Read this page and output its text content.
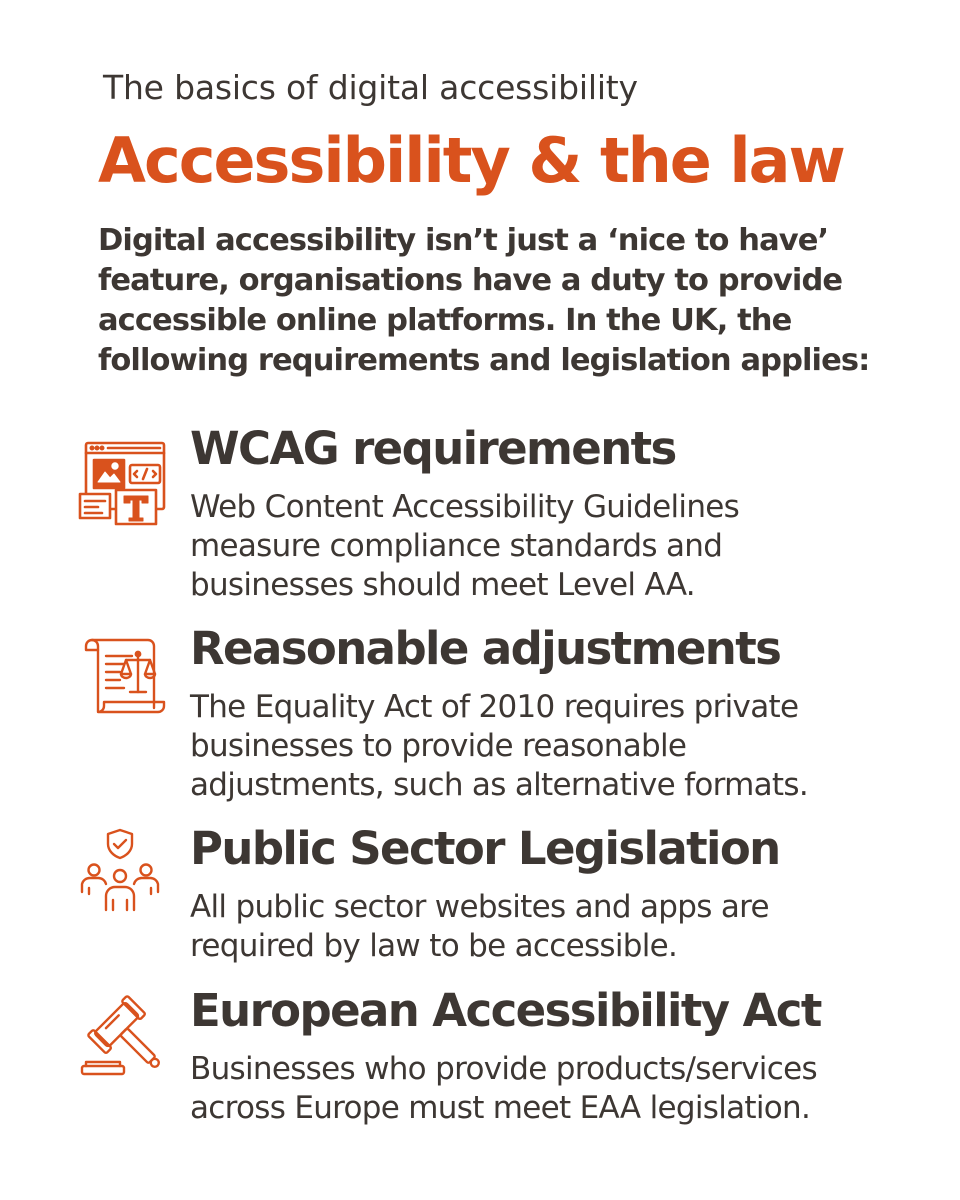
The basics of digital accessibility
Accessibility & the law
Digital accessibility isn’t just a ‘nice to have’
feature, organisations have a duty to provide
accessible online platforms. In the UK, the
following requirements and legislation applies:
WCAG requirements
Web Content Accessibility Guidelines
measure compliance standards and
businesses should meet Level AA.
Reasonable adjustments
The Equality Act of 2010 requires private
businesses to provide reasonable
adjustments, such as alternative formats.
Public Sector Legislation
All public sector websites and apps are
required by law to be accessible.
European Accessibility Act
Businesses who provide products/services
across Europe must meet EAA legislation.
